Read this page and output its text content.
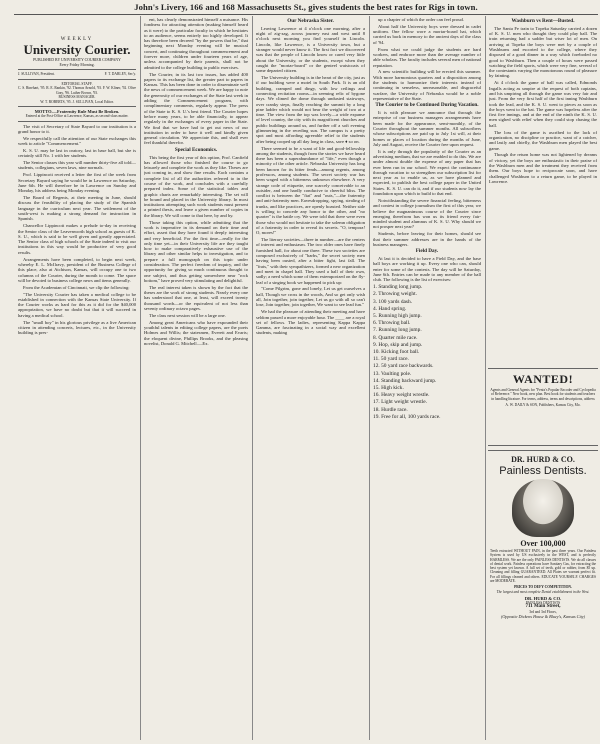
John's Livery, 166 and 168 Massachusetts St., gives students the best rates for Rigs in town.
WEEKLY
University Courier.
PUBLISHED BY UNIVERSITY COURIER COMPANY
Every Friday Morning.
J. SULLIVAN, President.	F. T. DARLEY, Sec'y.
EDITORIAL STAFF.
C. S. Rinehart, '95. R. E. Rankin, '92. Thomas Arnold, '93. F. W. Kliner, '92. Olive Gray, '96. Luther Brown, '93.
BUSINESS MANAGER.
W. T. ROBERTS, '95. J. SULLIVAN, Local Editor.
MOTTO.—Fraternity Rule Must Be Broken.
Entered at the Post-Office at Lawrence, Kansas, as second-class matter.

The visit of Secretary of State Bayard to our institution is a grand honor to it.

We respectfully call the attention of our State exchanges this week to article "Commencement."

K. S. U. may be last in oratory, last in base ball, but she is certainly still No. 1 with her students.

The Senior classes this year will number thirty-five all told—students, collegians, seven laws, nine normals.

Prof. Lippincott received a letter the first of the week from Secretary Bayard saying he would be in Lawrence on Saturday, June 6th. He will therefore be in Lawrence on Sunday and Monday, his address being Monday evening.

The Board of Regents, at their meeting in June, should discuss the feasibility of placing the study of the Spanish language in the curriculum next year. The settlement of the south-west is making a strong demand for instruction in Spanish.

Chancellor Lippincott makes a prelude to-day in receiving the Senior class of the Leavenworth high school as guests of K. S. U., which is said to be well given and greatly appreciated. The Senior class of high schools of the State indeed to visit our institutions in this way would be productive of very good results.

Arrangements have been completed, to begin next week, whereby E. L. McIlravy, president of the Business College of this place, also at Atchison, Kansas, will occupy one to two columns of the Courier, during the month to come. The space will be devoted to business college news and items generally.

From the Academian of Cincinnati, we clip the following:

"The University Courier has taken a medical college to be established in connection with the Kansas State University. If the Courier works as hard for this as it did for the $40,000 appropriation, we have no doubt but that it will succeed in having a medical school.

The "small boy" in his glorious privilege as a live American citizen in attending concerts, lectures, etc., in the University building is pres-

ent, has clearly demonstrated himself a nuisance. His fondness for attracting attention (making himself heard as it were) to the particular faculty in which he hesitates to an audience, seems entirely too highly developed. It has therefore been decreed "by the powers that be," that beginning next Monday evening will be musical concert, and continuing throughout commencement and forever more, children under fourteen years of age, unless accompanied by their parents, shall not be admitted to the college building to public exercises.

The Courier, in its last two issues, has added 400 papers to its exchange list, the greater part to papers in Kansas. This has been done in order to disseminate well the news of commencement week. We are happy to note the generosity of our exchanges of the State last week in adding the Commencement program, with complimentary comments, regularly appear. The press of the State to K. S. U.'s best friend. The Courier hopes before many years, to be able financially, to appear regularly in the exchanges of every paper in the State. We find that we have had to get out news of our institution in order to have it well and kindly given general circulation. We appreciate this, and shall ever feel thankful therefor.

Special Economics.

This being the first year of this option, Prof. Canfield has allowed those who finished the course to go leisurely and complete the work as they like. Theses are just coming in, and show fine results. Each contains a complete list of all the authorities referred to in the course of the work, and concludes with a carefully prepared index. Some of the statistical tables and graphic charts are remarkably interesting. The set will be bound and placed in the University library. In most institutions attempting such work students must present a printed thesis, and leave a given number of copies in the library. We will come to that here, by and by.

Those taking this option, while admitting that the work is imperative in its demand on their time and effort, assert that they have found it deeply interesting and very beneficial. For the first time—really for the only time yet—in their University life are they taught how to make comparatively exhaustive use of the library and other similar helps to investigation, and to prepare a full monograph on this topic under consideration. The perfect freedom of inquiry, and the opportunity for giving so much continuous thought to one subject, and thus getting somewhere near "rock bottom," have proved very stimulating and delightful.

The real interest taken is shown by the fact that the theses are the work of strong students. Nearly every one has understood that one, at least, will exceed twenty thousand words—or the equivalent of not less than seventy ordinary octavo pages.

The class next session will be a large one.

Among great Americans who have expounded their youthful talents in editing college papers, are the poets Holmes and Willis; the statesmen, Everett and Evarts; the eloquent divine, Phillips Brooks, and the pleasing novelist, Donald G. Mitchell.—Ex.

Our Nebraska Sister.

Leaving Lawrence at 4 o'clock one morning, after a night of zig-zag, across journey east and west until 8 o'clock next morning you find yourself in Lincoln. Lincoln, like Lawrence, is a University town, but a stranger would never know it. The first fact we discovered was that the people of Lincoln know or cared very little about the University, or the students, except when they caught the "mortar-board" or the genteel waistcoats of some departed citizen.

The University building is in the heart of the city, just as if our building were a motel in South Park. It is an old building, cramped and dingy, with low ceilings and connecting recitation rooms—in seeming relic of bygone days. We climed the dome through undusted stairways, over cranky steps, finally reaching the summit by a long pine ladder which would not bear the weight of two at a time. The view from the top was lovely—a wide expanse of level country, the city with its magnificent churches and public buildings around us, and further off a soft evening glimmering in the receding sun. The campus is a pretty spot and most affording agreeable relief to the students after being cooped up all day long in class, save ♦ so on.

There seemed to be a want of life and good-fellowship among the students, though from the stories we have heard there has been a superabundance of "life," even though a minority of the other article. Nebraska University has long been known for its bitter fends—among regents, among professors, among students. The secret society war has been waged with a bitterness unknown elsewhere. A very strange code of etiquette, one scarcely conceivable to an outsider, and one hardly conducive to cheerful bliss. The conflict is between the "fiat" and "outs,"—the fraternity and anti-fraternity men. Eavesdropping, spying, stealing of trunks, and like practices, are openly boasted. Neither side is willing to concede any honor to the other, and "no quarter" is the battle cry. We were told that there were even those who would not hesitate to take the solemn obligation of a fraternity in order to reveal its secrets. "O, tempora! O, mores!"

The literary societies—three in number—are the centers of interest and enthusiasm. The two older ones have finely furnished hall, for about one three. These two societies are composed exclusively of "barbs," the secret society men having been ousted, after a bitter fight, last fall. The "frats," with their sympathizers, formed a new organization and meet in chapel hall. They used a hall of their own, sadly; a need which some of them extemporized on the fly-leaf of a singing book we happened to pick up:

"Come Pilgrim, gone and lonely, Let us get ourselves a hall, Though we cross in the woods, And so get only wish all, Join together, join together, Let us go with all so can't lose, Join together, join together, We want to see lead fun."

We had the pleasure of attending their meeting and have seldom passed a more enjoyable hour. The ____ are a royal set of fellows. The ladies, representing Kappa Kappa Gamma, are fascinating in a social way and excellent students, making

up a chapter of which the order can feel proud.

About half the University boys were dressed in cadet uniform. One fellow wore a mortar-board hat, which carried us back in memory to the ancient days of the class of '94.

From what we could judge the students are hard workers, and embrace more than the average number of able scholars. The faculty includes several men of national reputation.

A new scientific building will be erected this summer. With more harmonious quarters and a disposition among the students to harmonize their interests instead of continuing in senseless, unreasonable, and disgraceful warfare, the University of Nebraska would be a noble representative of the State.

The Courier to be Continued During Vacation.

It is with pleasure we announce that through the enterprise of our business managers arrangements have been made for the appearance, semi-monthly, of the Courier throughout the summer months. All subscribers whose subscriptions are paid up to July 1st will, at their homes or places of location during the months of June, July and August, receive the Courier free upon request.

It is only through the popularity of the Courier as an advertising medium, that we are enabled to do this. We are under almost double the expense of any paper that has ever been run in our school. We expect the continuance through vacation to so strengthen our subscription list for next year as to enable us, as we have planned and expected, to publish the best college paper in the United States. K. S. U. can do it, and if our students now lay the foundation upon which to build to that end.

Notwithstanding the severe financial feeling, bitterness and contest in college journalism the first of this year, we believe the magnanimous course of the Courier since emerging therefrom has won us its friend every fair-minded student and alumnus of K. S. U. Why should we not prosper next year?

Students, before leaving for their homes, should see that their summer addresses are in the hands of the business managers.

Field Day.

At last it is decided to have a Field Day, and the base ball boys are working it up. Every one who can, should enter for some of the contests. The day will be Saturday, June 6th. Entries can be made to any member of the ball club. The following is the list of exercises:

1. Standing long jump.

2. Throwing weight.

3. 100 yards dash.

4. Hand spring.

5. Running high jump.

6. Throwing ball.

7. Running long jump.

8. Quarter mile race.

9. Hop, skip and jump.

10. Kicking foot ball.

11. 50 yard race.

12. 50 yard race backwards.

13. Vaulting pole.

14. Standing backward jump.

15. High kick.

16. Heavy weight wrestle.

17. Light weight wrestle.

18. Hurdle race.

19. Free for all, 100 yards race.

Washburn vs Rent—Busted.

The Santa Fe train to Topeka Saturday carried a dozen of K. S. U. men who thought they could play ball. The train returning had a sadder but wiser lot of men. On arriving at Topeka the boys were met by a couple of Washburns and escorted to the college, where they disposed of a good dinner in a way which foreboded no good to Washburn. Then a couple of hours were passed watching the field sports, which were very fine, several of the contestants varying the monotonous round of pleasure by fainting.

At 4 o'clock the game of ball was called, Edmonds Ingalls acting as umpire at the request of both captains, and his umpiring all through the game was very fair and just. From the very first half of the first inning Washburn took the lead, and the K. S. U. went to pieces as soon as the boys went to the bat. The game was hopeless after the first five innings, and at the end of the ninth the K. S. U. men sighed with relief when they could stop chasing the ball.

The loss of the game is ascribed to the lack of organization, no discipline or practice, want of a catcher, and lastly and chiefly, the Washburn men played the best game.

Though the return home was not lightened by dreams of victory, yet the boys are enthusiastic in their praise of the Washburn men and the treatment they received from them. Our boys hope to reciprocate soon, and have challenged Washburn to a return game, to be played in Lawrence.

WANTED!
Agents and General Agents for "Fenix's Popular Encoder and Cyclopedia of Reference." New book, new plan. Best book for students and teachers in handling litrature. For terms, address, terms and descriptions, address
A. W. DAILY & SON, Publishers, Kansas City, Mo.
DR. HURD & CO.
Painless Dentists.
Over 100,000
Teeth extracted WITHOUT PAIN, in the past three years. Our Painless System is used by US exclusively in the WEST, and is perfectly HARMLESS. We are the only PAINLESS DENTISTS. We do all classes of dental work. Painless operations have Sanitary Gas, for extracting the best system yet known. A full set of teeth, gold or rubber, from $5 up. Cleaning and filling GUARANTEED. All Plates we warrant perfect fit. For all fillings cleaned and others. EDUCATE YOURSELF. CHARGES are MODERATE.
PRICES TO DEFY COMPETITION.
The largest and most complete Dental establishment in the West.
DR. HURD & CO.
PAINLESS DENTISTS
711 Main Street,
3rd and 3rd Floors,
(Opposite Dickens House & Bluey's, Kansas City)
